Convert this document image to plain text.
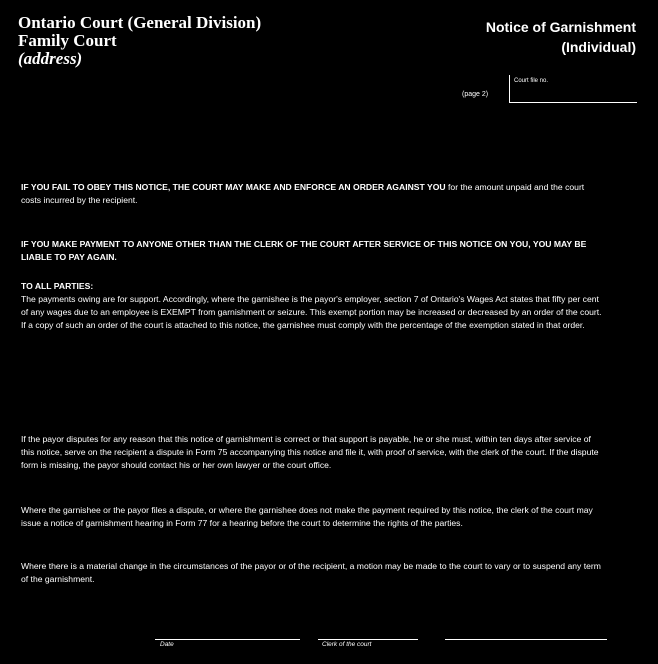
Ontario Court (General Division)
Family Court
(address)
Notice of Garnishment
(Individual)
(page 2)
Court file no.
IF YOU FAIL TO OBEY THIS NOTICE, THE COURT MAY MAKE AND ENFORCE AN ORDER AGAINST YOU for the amount unpaid and the court costs incurred by the recipient.
IF YOU MAKE PAYMENT TO ANYONE OTHER THAN THE CLERK OF THE COURT AFTER SERVICE OF THIS NOTICE ON YOU, YOU MAY BE LIABLE TO PAY AGAIN.
TO ALL PARTIES:
The payments owing are for support. Accordingly, where the garnishee is the payor's employer, section 7 of Ontario's Wages Act states that fifty per cent of any wages due to an employee is EXEMPT from garnishment or seizure. This exempt portion may be increased or decreased by an order of the court. If a copy of such an order of the court is attached to this notice, the garnishee must comply with the percentage of the exemption stated in that order.
If the payor disputes for any reason that this notice of garnishment is correct or that support is payable, he or she must, within ten days after service of this notice, serve on the recipient a dispute in Form 75 accompanying this notice and file it, with proof of service, with the clerk of the court. If the dispute form is missing, the payor should contact his or her own lawyer or the court office.
Where the garnishee or the payor files a dispute, or where the garnishee does not make the payment required by this notice, the clerk of the court may issue a notice of garnishment hearing in Form 77 for a hearing before the court to determine the rights of the parties.
Where there is a material change in the circumstances of the payor or of the recipient, a motion may be made to the court to vary or to suspend any term of the garnishment.
Date	Clerk of the court
